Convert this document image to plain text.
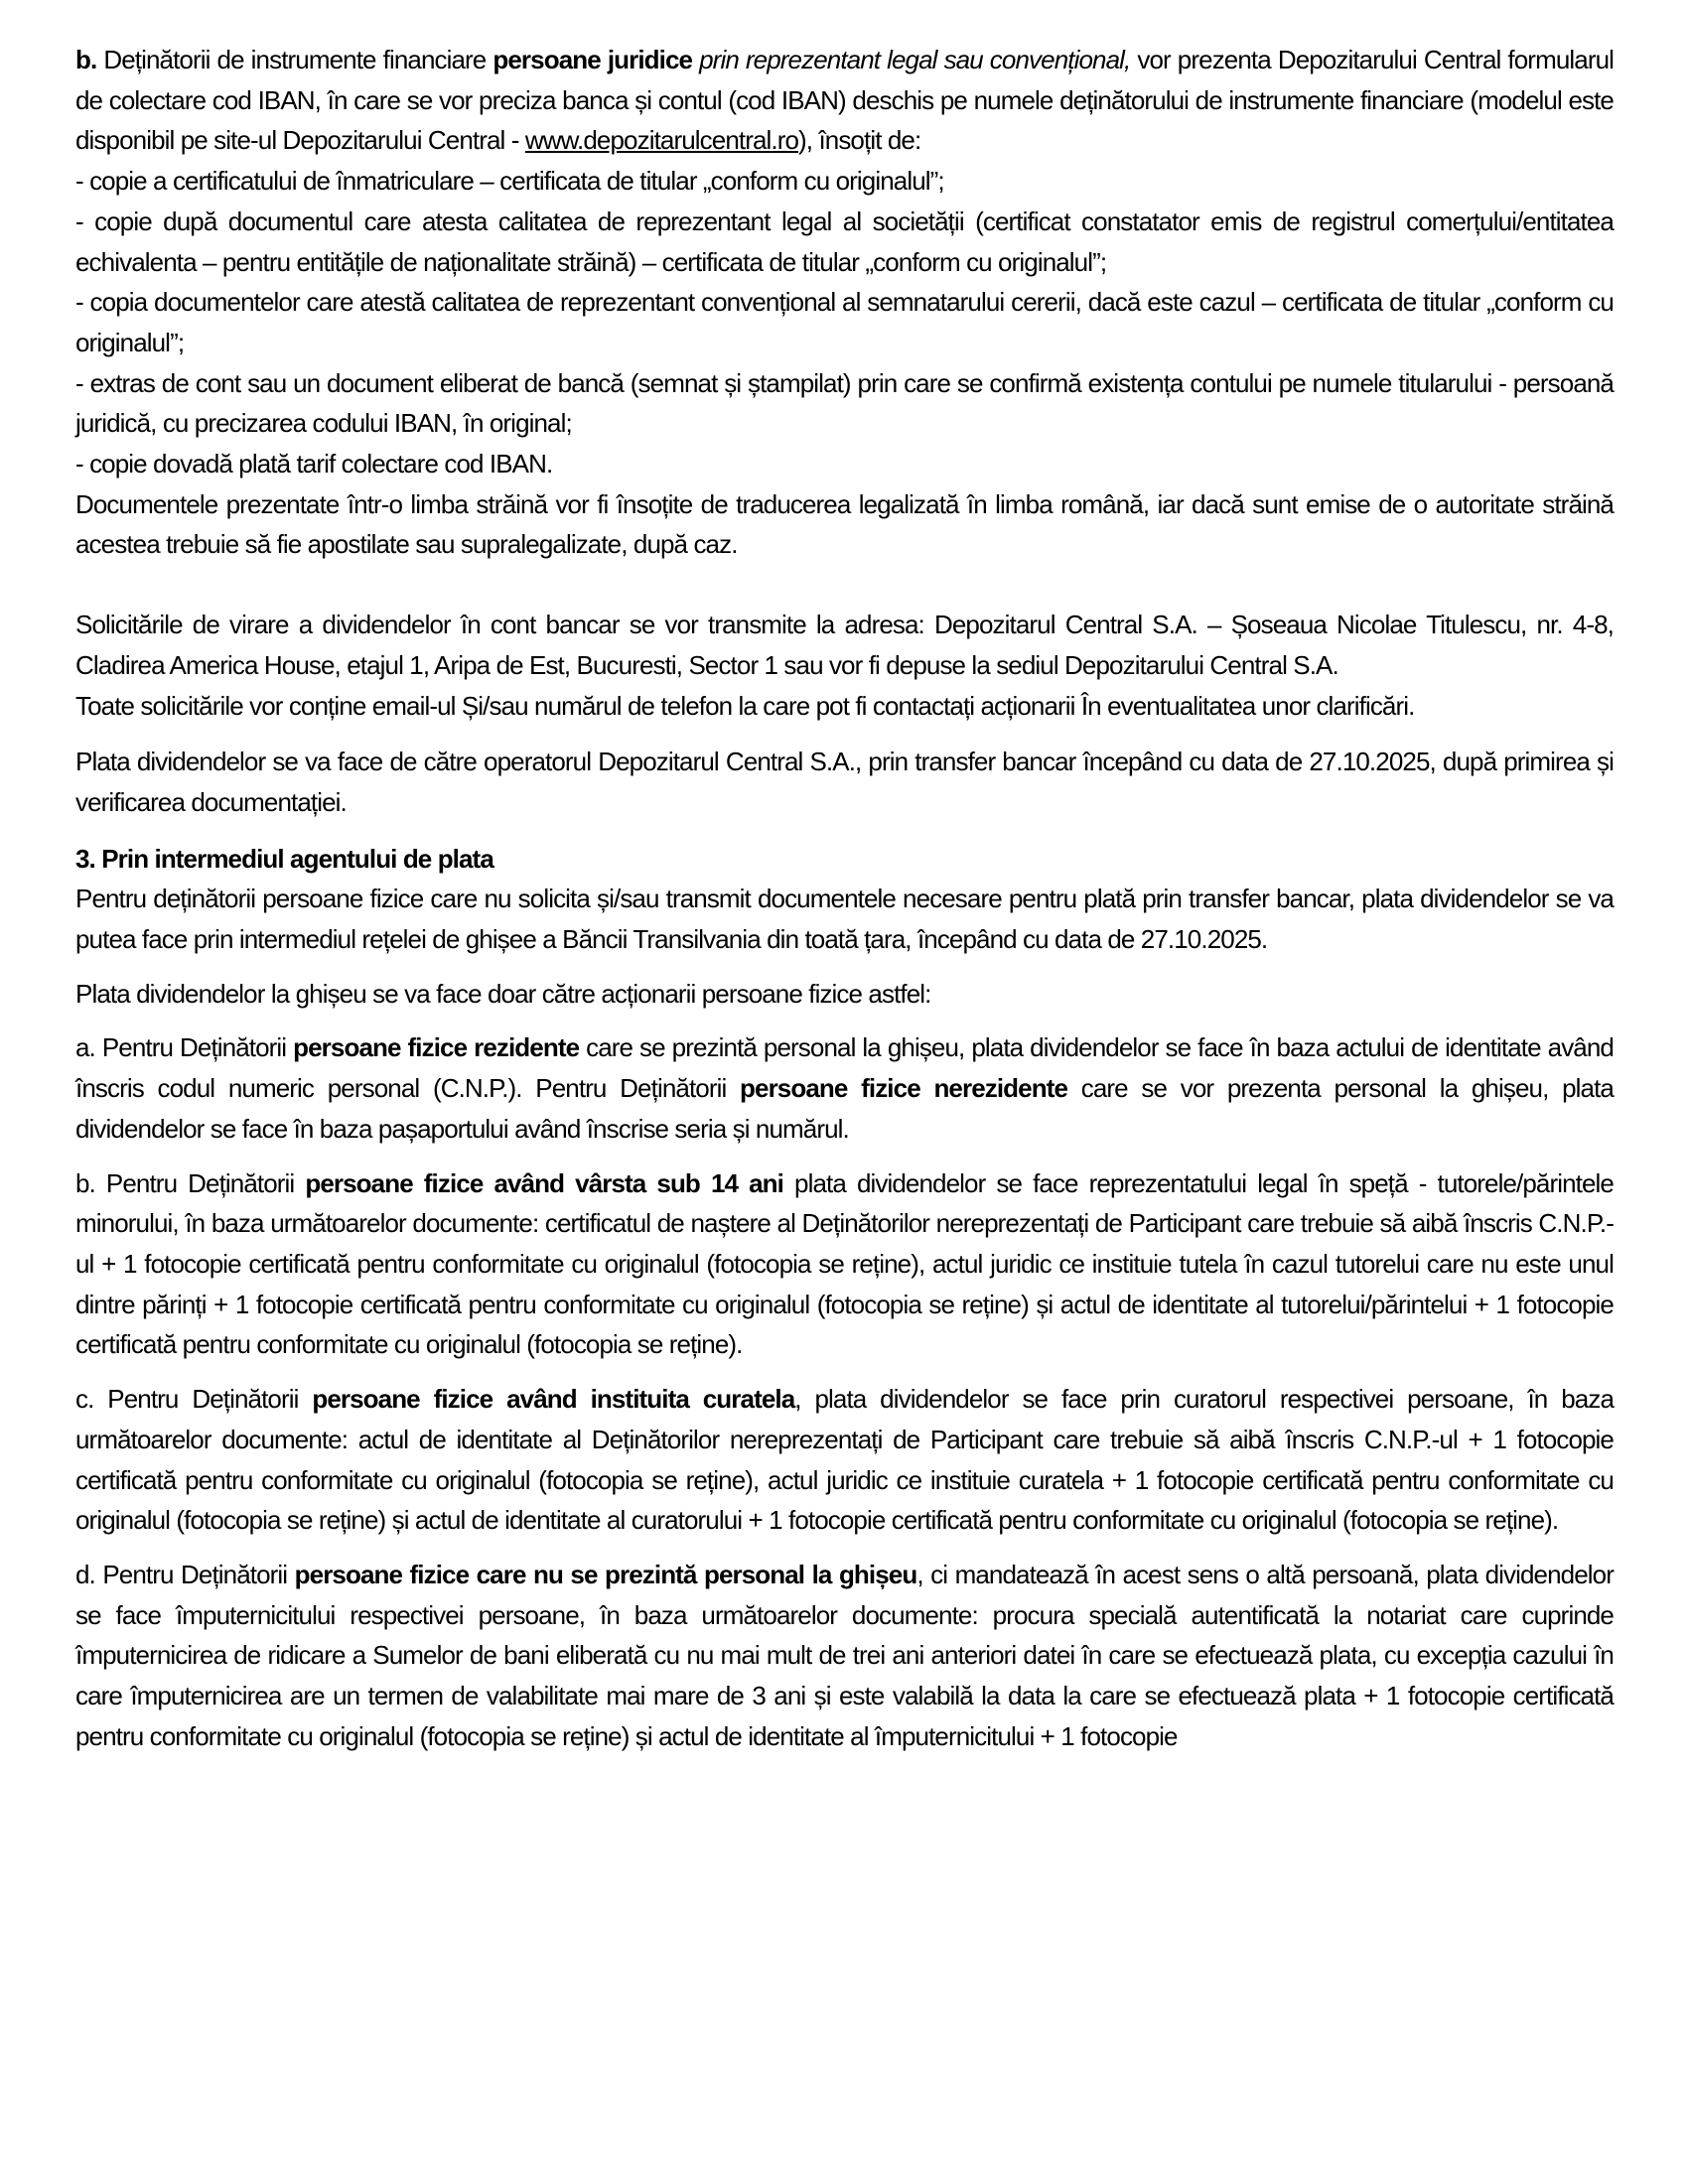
b. Deținătorii de instrumente financiare persoane juridice prin reprezentant legal sau convențional, vor prezenta Depozitarului Central formularul de colectare cod IBAN, în care se vor preciza banca și contul (cod IBAN) deschis pe numele deținătorului de instrumente financiare (modelul este disponibil pe site-ul Depozitarului Central - www.depozitarulcentral.ro), însoțit de:

- copie a certificatului de înmatriculare – certificata de titular „conform cu originalul”;

- copie după documentul care atesta calitatea de reprezentant legal al societății (certificat constatator emis de registrul comerțului/entitatea echivalenta – pentru entitățile de naționalitate străină) – certificata de titular „conform cu originalul”;

- copia documentelor care atestă calitatea de reprezentant convențional al semnatarului cererii, dacă este cazul – certificata de titular „conform cu originalul”;

- extras de cont sau un document eliberat de bancă (semnat și ștampilat) prin care se confirmă existența contului pe numele titularului - persoană juridică, cu precizarea codului IBAN, în original;

- copie dovadă plată tarif colectare cod IBAN.

Documentele prezentate într-o limba străină vor fi însoțite de traducerea legalizată în limba română, iar dacă sunt emise de o autoritate străină acestea trebuie să fie apostilate sau supralegalizate, după caz.

Solicitările de virare a dividendelor în cont bancar se vor transmite la adresa: Depozitarul Central S.A. – Șoseaua Nicolae Titulescu, nr. 4-8, Cladirea America House, etajul 1, Aripa de Est, Bucuresti, Sector 1 sau vor fi depuse la sediul Depozitarului Central S.A.

Toate solicitările vor conține email-ul Și/sau numărul de telefon la care pot fi contactați acționarii În eventualitatea unor clarificări.

Plata dividendelor se va face de către operatorul Depozitarul Central S.A., prin transfer bancar începând cu data de 27.10.2025, după primirea și verificarea documentației.

3. Prin intermediul agentului de plata

Pentru deținătorii persoane fizice care nu solicita și/sau transmit documentele necesare pentru plată prin transfer bancar, plata dividendelor se va putea face prin intermediul rețelei de ghișee a Băncii Transilvania din toată țara, începând cu data de 27.10.2025.

Plata dividendelor la ghișeu se va face doar către acționarii persoane fizice astfel:

a. Pentru Deținătorii persoane fizice rezidente care se prezintă personal la ghișeu, plata dividendelor se face în baza actului de identitate având înscris codul numeric personal (C.N.P.). Pentru Deținătorii persoane fizice nerezidente care se vor prezenta personal la ghișeu, plata dividendelor se face în baza pașaportului având înscrise seria și numărul.

b. Pentru Deținătorii persoane fizice având vârsta sub 14 ani plata dividendelor se face reprezentatului legal în speță - tutorele/părintele minorului, în baza următoarelor documente: certificatul de naștere al Deținătorilor nereprezentați de Participant care trebuie să aibă înscris C.N.P.-ul + 1 fotocopie certificată pentru conformitate cu originalul (fotocopia se reține), actul juridic ce instituie tutela în cazul tutorelui care nu este unul dintre părinți + 1 fotocopie certificată pentru conformitate cu originalul (fotocopia se reține) și actul de identitate al tutorelui/părintelui + 1 fotocopie certificată pentru conformitate cu originalul (fotocopia se reține).

c. Pentru Deținătorii persoane fizice având instituita curatela, plata dividendelor se face prin curatorul respectivei persoane, în baza următoarelor documente: actul de identitate al Deținătorilor nereprezentați de Participant care trebuie să aibă înscris C.N.P.-ul + 1 fotocopie certificată pentru conformitate cu originalul (fotocopia se reține), actul juridic ce instituie curatela + 1 fotocopie certificată pentru conformitate cu originalul (fotocopia se reține) și actul de identitate al curatorului + 1 fotocopie certificată pentru conformitate cu originalul (fotocopia se reține).

d. Pentru Deținătorii persoane fizice care nu se prezintă personal la ghișeu, ci mandatează în acest sens o altă persoană, plata dividendelor se face împuternicitului respectivei persoane, în baza următoarelor documente: procura specială autentificată la notariat care cuprinde împuternicirea de ridicare a Sumelor de bani eliberată cu nu mai mult de trei ani anteriori datei în care se efectuează plata, cu excepția cazului în care împuternicirea are un termen de valabilitate mai mare de 3 ani și este valabilă la data la care se efectuează plata + 1 fotocopie certificată pentru conformitate cu originalul (fotocopia se reține) și actul de identitate al împuternicitului + 1 fotocopie
